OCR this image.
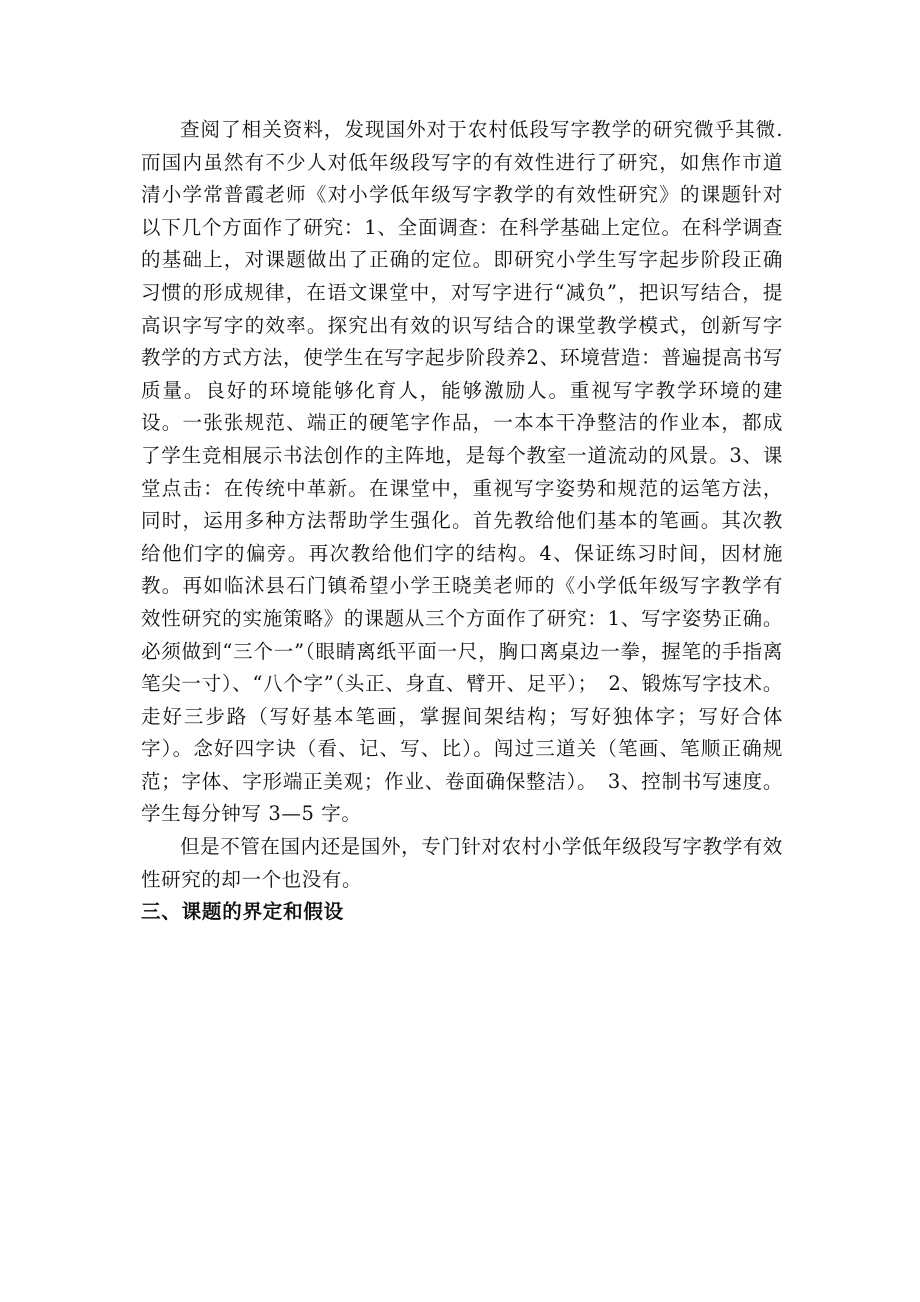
查阅了相关资料，发现国外对于农村低段写字教学的研究微乎其微.而国内虽然有不少人对低年级段写字的有效性进行了研究，如焦作市道清小学常普霞老师《对小学低年级写字教学的有效性研究》的课题针对以下几个方面作了研究：1、全面调查：在科学基础上定位。在科学调查的基础上，对课题做出了正确的定位。即研究小学生写字起步阶段正确习惯的形成规律，在语文课堂中，对写字进行“减负”，把识写结合，提高识字写字的效率。探究出有效的识写结合的课堂教学模式，创新写字教学的方式方法，使学生在写字起步阶段养2、环境营造：普遍提高书写质量。良好的环境能够化育人，能够激励人。重视写字教学环境的建设。一张张规范、端正的硬笔字作品，一本本干净整洁的作业本，都成了学生竞相展示书法创作的主阵地，是每个教室一道流动的风景。3、课堂点击：在传统中革新。在课堂中，重视写字姿势和规范的运笔方法，同时，运用多种方法帮助学生强化。首先教给他们基本的笔画。其次教给他们字的偏旁。再次教给他们字的结构。4、保证练习时间，因材施教。再如临沭县石门镇希望小学王晓美老师的《小学低年级写字教学有效性研究的实施策略》的课题从三个方面作了研究：1、写字姿势正确。必须做到“三个一”（眼睛离纸平面一尺，胸口离桌边一拳，握笔的手指离笔尖一寸）、“八个字”（头正、身直、臂开、足平）；　2、锻炼写字技术。走好三步路（写好基本笔画，掌握间架结构；写好独体字；写好合体字）。念好四字诀（看、记、写、比）。闯过三道关（笔画、笔顺正确规范；字体、字形端正美观；作业、卷面确保整洁）。　3、控制书写速度。学生每分钟写 3—5 字。

但是不管在国内还是国外，专门针对农村小学低年级段写字教学有效性研究的却一个也没有。

三、课题的界定和假设
